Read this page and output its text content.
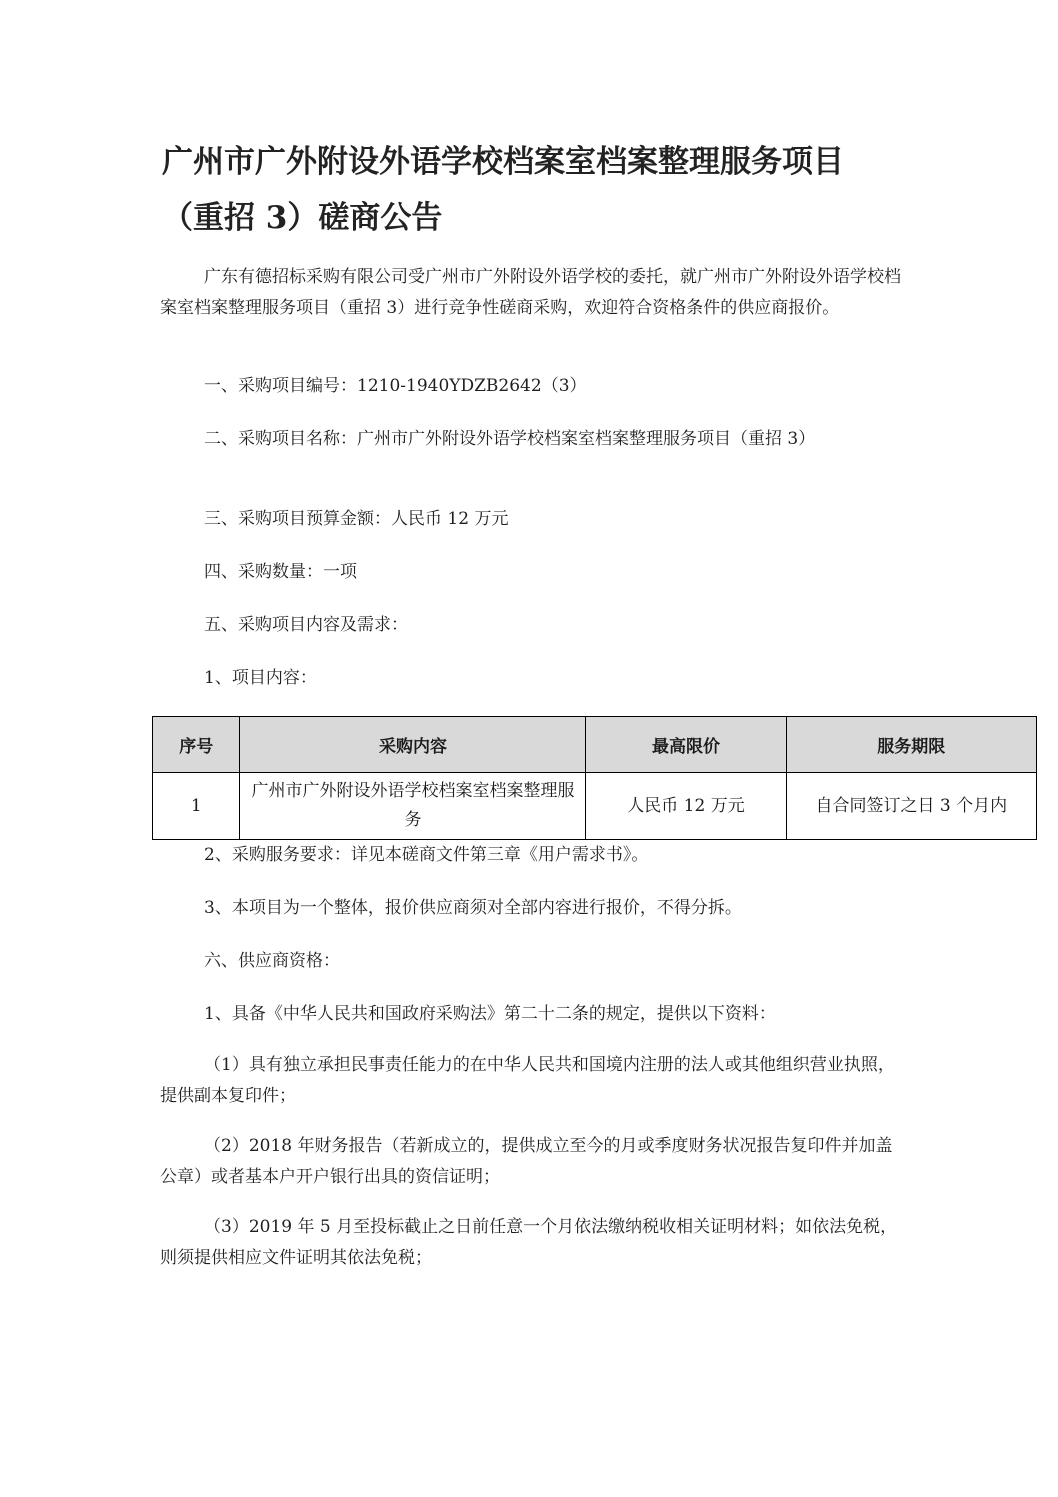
广州市广外附设外语学校档案室档案整理服务项目
（重招 3）磋商公告

广东有德招标采购有限公司受广州市广外附设外语学校的委托，就广州市广外附设外语学校档案室档案整理服务项目（重招 3）进行竞争性磋商采购，欢迎符合资格条件的供应商报价。

一、采购项目编号：1210-1940YDZB2642（3）

二、采购项目名称：广州市广外附设外语学校档案室档案整理服务项目（重招 3）

三、采购项目预算金额：人民币 12 万元

四、采购数量：一项

五、采购项目内容及需求：

1、项目内容：

序号	采购内容	最高限价	服务期限
1	广州市广外附设外语学校档案室档案整理服务	人民币 12 万元	自合同签订之日 3 个月内

2、采购服务要求：详见本磋商文件第三章《用户需求书》。

3、本项目为一个整体，报价供应商须对全部内容进行报价，不得分拆。

六、供应商资格：

1、具备《中华人民共和国政府采购法》第二十二条的规定，提供以下资料：

（1）具有独立承担民事责任能力的在中华人民共和国境内注册的法人或其他组织营业执照，提供副本复印件；

（2）2018 年财务报告（若新成立的，提供成立至今的月或季度财务状况报告复印件并加盖公章）或者基本户开户银行出具的资信证明；

（3）2019 年 5 月至投标截止之日前任意一个月依法缴纳税收相关证明材料；如依法免税，则须提供相应文件证明其依法免税；
